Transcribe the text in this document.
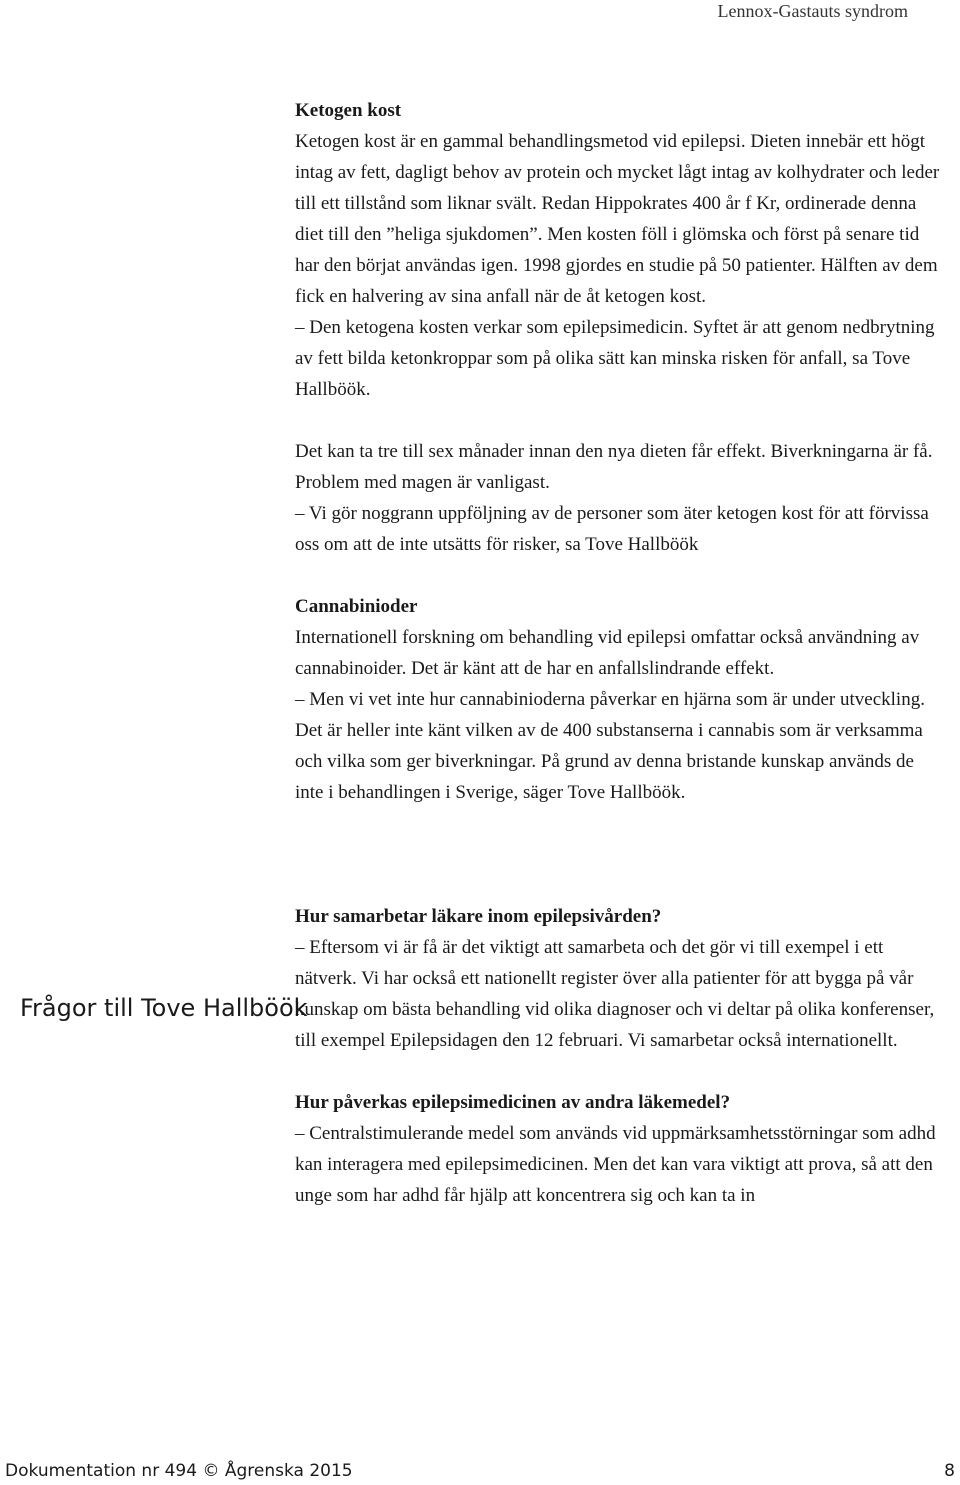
Lennox-Gastauts syndrom
Ketogen kost

Ketogen kost är en gammal behandlingsmetod vid epilepsi. Dieten innebär ett högt intag av fett, dagligt behov av protein och mycket lågt intag av kolhydrater och leder till ett tillstånd som liknar svält. Redan Hippokrates 400 år f Kr, ordinerade denna diet till den ”heliga sjukdomen”. Men kosten föll i glömska och först på senare tid har den börjat användas igen. 1998 gjordes en studie på 50 patienter. Hälften av dem fick en halvering av sina anfall när de åt ketogen kost.

– Den ketogena kosten verkar som epilepsimedicin. Syftet är att genom nedbrytning av fett bilda ketonkroppar som på olika sätt kan minska risken för anfall, sa Tove Hallböök.

Det kan ta tre till sex månader innan den nya dieten får effekt. Biverkningarna är få. Problem med magen är vanligast.

– Vi gör noggrann uppföljning av de personer som äter ketogen kost för att förvissa oss om att de inte utsätts för risker, sa Tove Hallböök

Cannabinioder

Internationell forskning om behandling vid epilepsi omfattar också användning av cannabinoider. Det är känt att de har en anfallslindrande effekt.

– Men vi vet inte hur cannabinioderna påverkar en hjärna som är under utveckling. Det är heller inte känt vilken av de 400 substanserna i cannabis som är verksamma och vilka som ger biverkningar. På grund av denna bristande kunskap används de inte i behandlingen i Sverige, säger Tove Hallböök.

Hur samarbetar läkare inom epilepsivården?

– Eftersom vi är få är det viktigt att samarbeta och det gör vi till exempel i ett nätverk. Vi har också ett nationellt register över alla patienter för att bygga på vår kunskap om bästa behandling vid olika diagnoser och vi deltar på olika konferenser, till exempel Epilepsidagen den 12 februari. Vi samarbetar också internationellt.

Hur påverkas epilepsimedicinen av andra läkemedel?

– Centralstimulerande medel som används vid uppmärksamhetsstörningar som adhd kan interagera med epilepsimedicinen. Men det kan vara viktigt att prova, så att den unge som har adhd får hjälp att koncentrera sig och kan ta in

Frågor till Tove Hallböök
Dokumentation nr 494 © Ågrenska 2015	8
